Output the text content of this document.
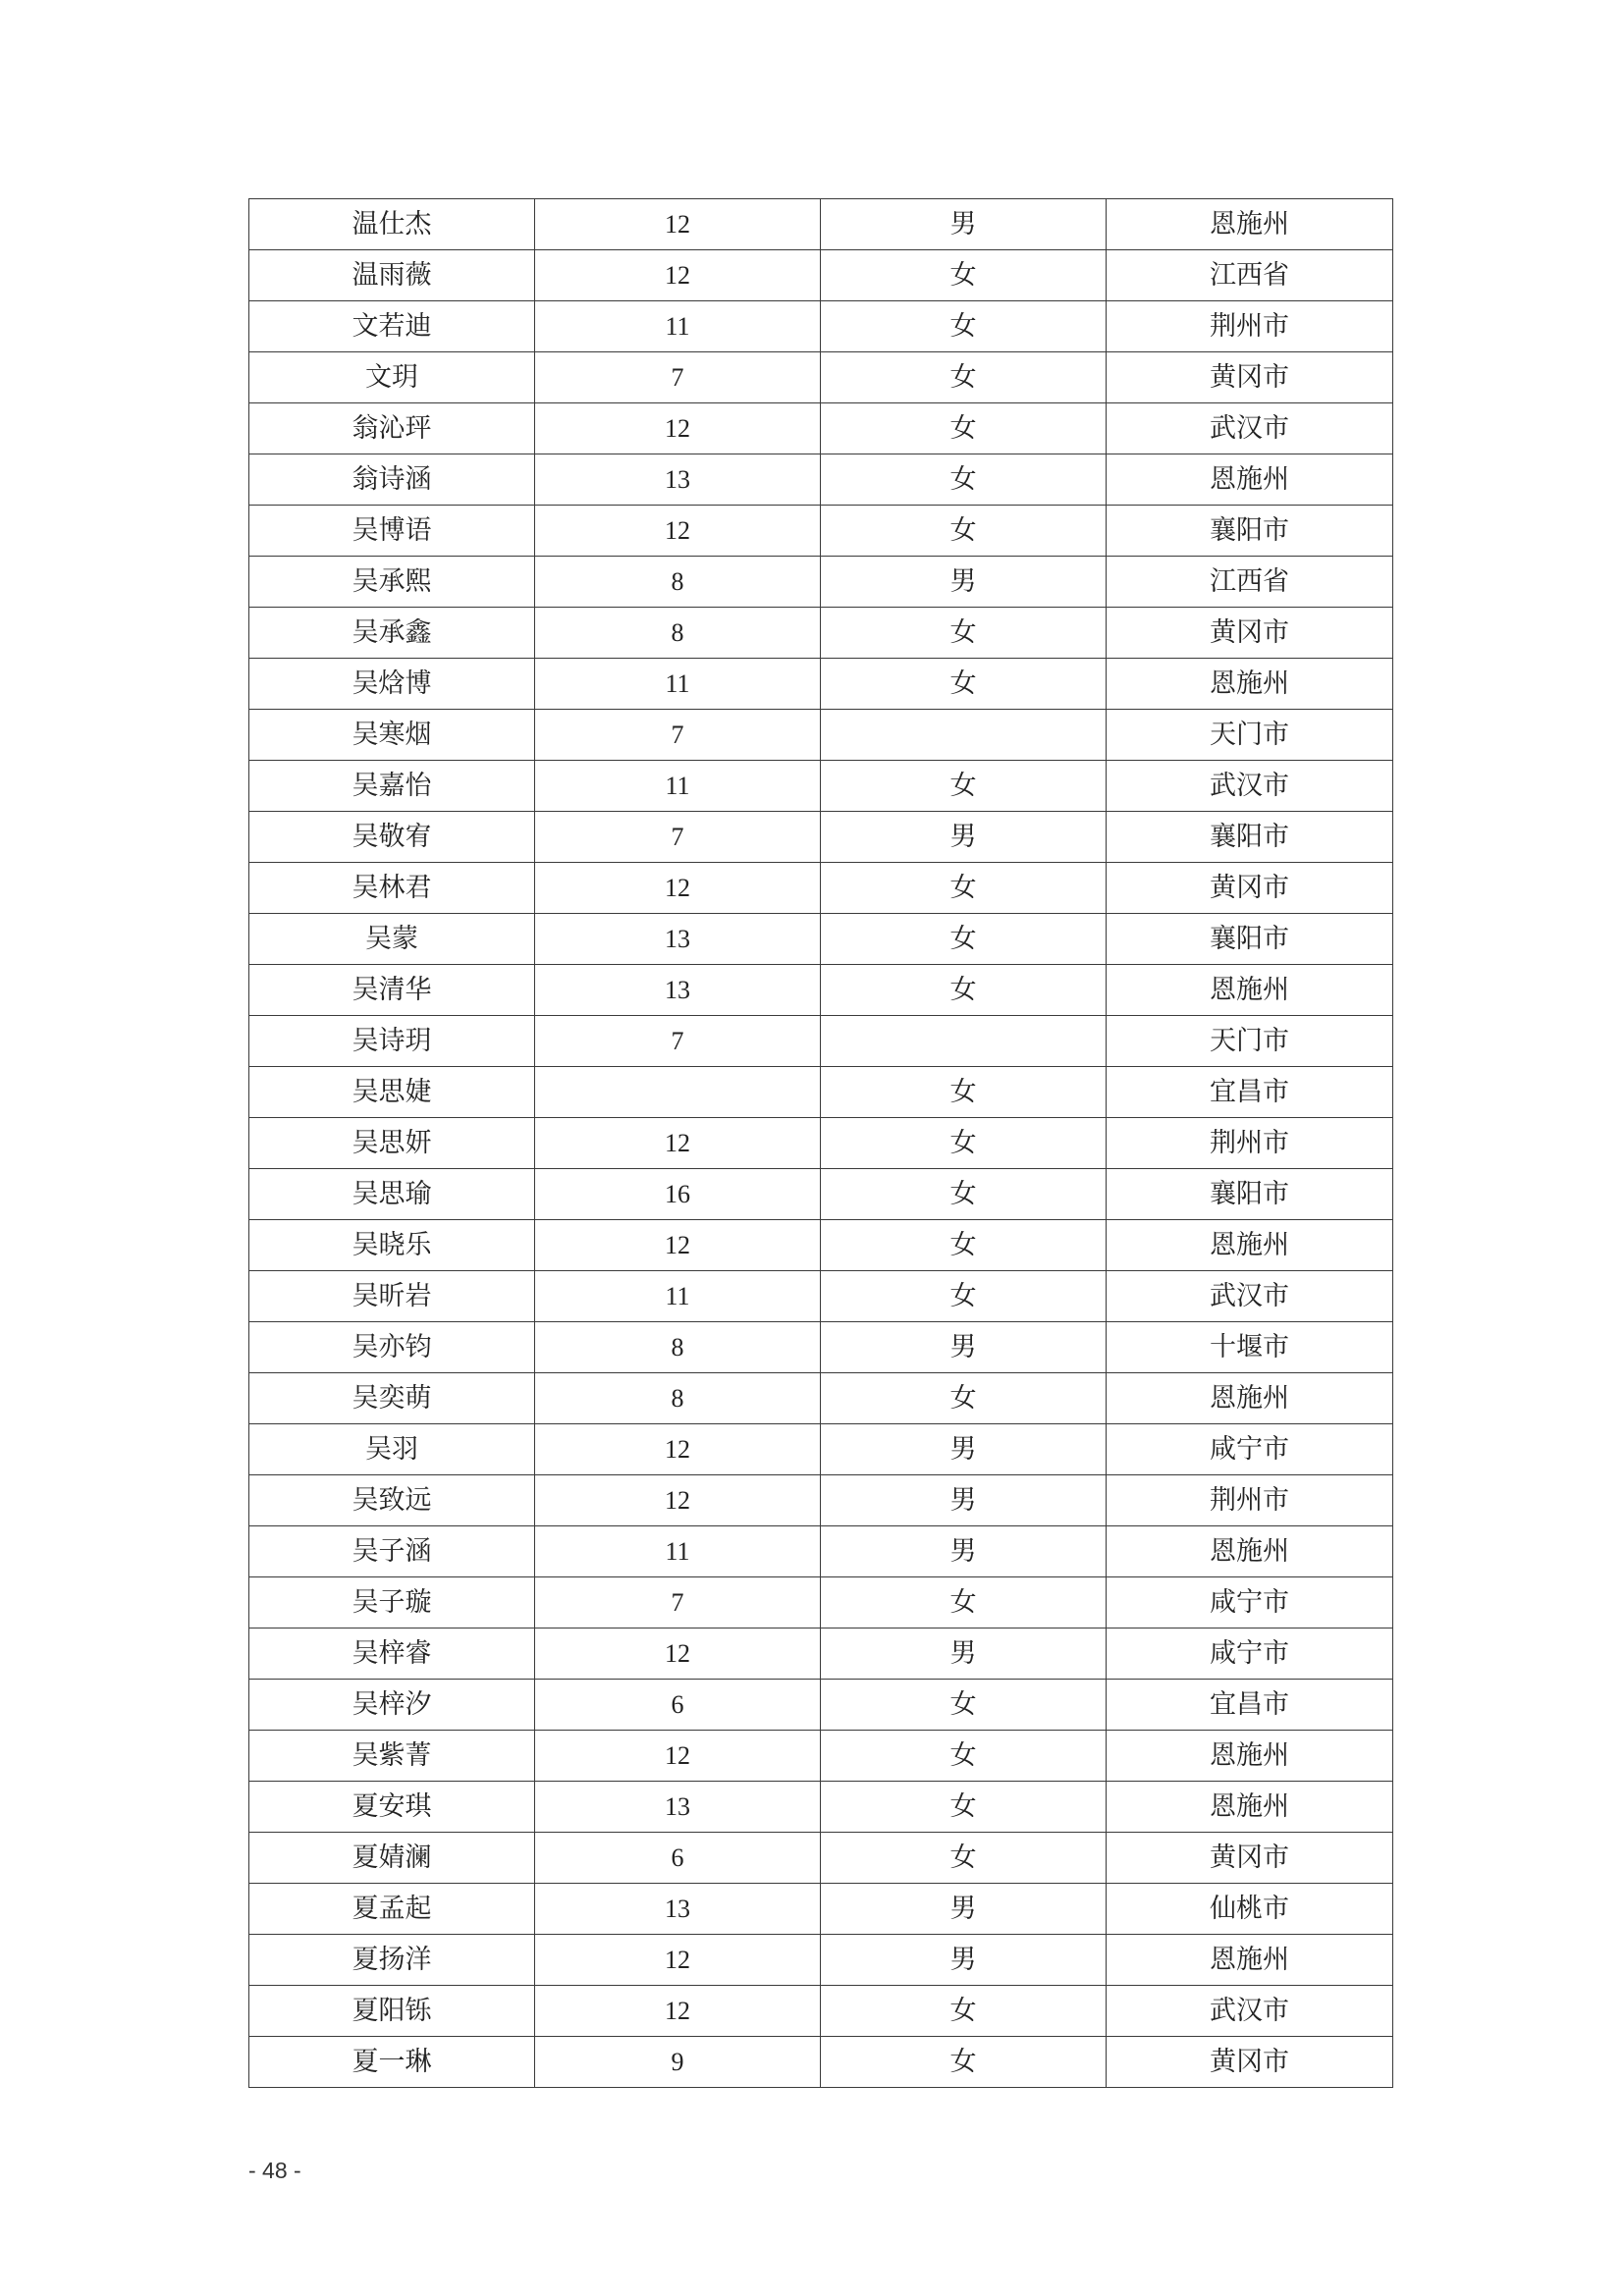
温仕杰	12	男	恩施州
温雨薇	12	女	江西省
文若迪	11	女	荆州市
文玥	7	女	黄冈市
翁沁玶	12	女	武汉市
翁诗涵	13	女	恩施州
吴博语	12	女	襄阳市
吴承熙	8	男	江西省
吴承鑫	8	女	黄冈市
吴焓博	11	女	恩施州
吴寒烟	7		天门市
吴嘉怡	11	女	武汉市
吴敬宥	7	男	襄阳市
吴林君	12	女	黄冈市
吴蒙	13	女	襄阳市
吴清华	13	女	恩施州
吴诗玥	7		天门市
吴思婕		女	宜昌市
吴思妍	12	女	荆州市
吴思瑜	16	女	襄阳市
吴晓乐	12	女	恩施州
吴昕岩	11	女	武汉市
吴亦钧	8	男	十堰市
吴奕萌	8	女	恩施州
吴羽	12	男	咸宁市
吴致远	12	男	荆州市
吴子涵	11	男	恩施州
吴子璇	7	女	咸宁市
吴梓睿	12	男	咸宁市
吴梓汐	6	女	宜昌市
吴紫菁	12	女	恩施州
夏安琪	13	女	恩施州
夏婧澜	6	女	黄冈市
夏孟起	13	男	仙桃市
夏扬洋	12	男	恩施州
夏阳铄	12	女	武汉市
夏一琳	9	女	黄冈市
- 48 -
